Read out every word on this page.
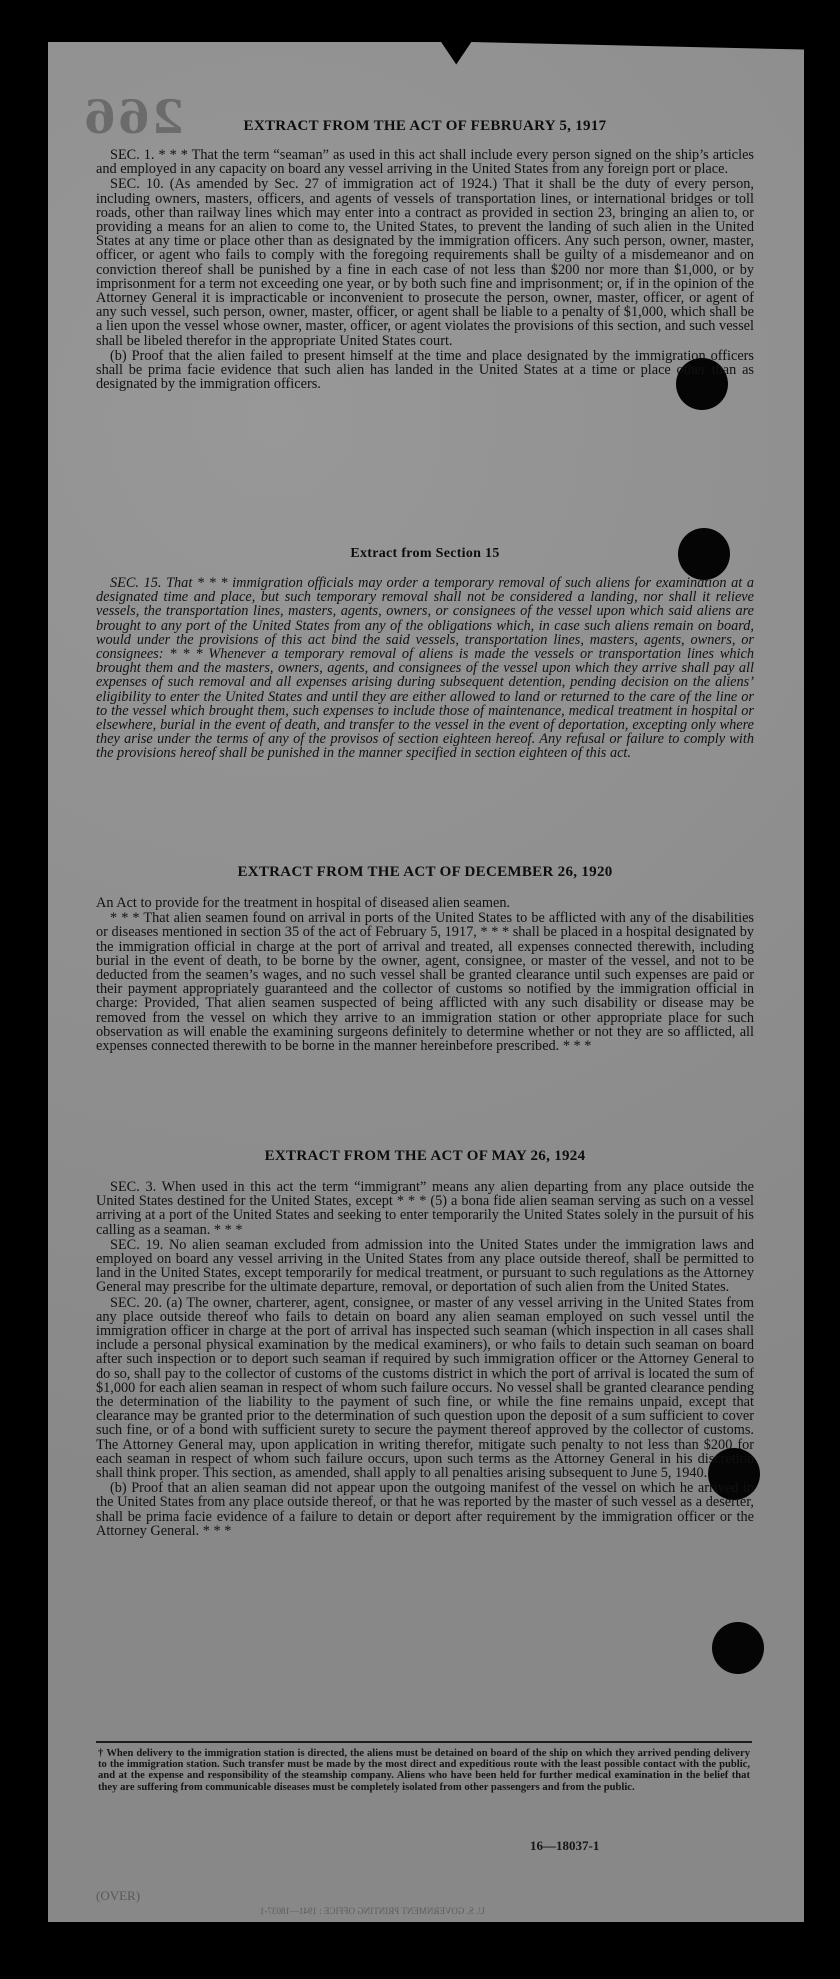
266	EXTRACT FROM THE ACT OF FEBRUARY 5, 1917

SEC. 1. * * * That the term “seaman” as used in this act shall include every person signed on the ship’s articles and employed in any capacity on board any vessel arriving in the United States from any foreign port or place.

SEC. 10. (As amended by Sec. 27 of immigration act of 1924.) That it shall be the duty of every person, including owners, masters, officers, and agents of vessels of transportation lines, or international bridges or toll roads, other than railway lines which may enter into a contract as provided in section 23, bringing an alien to, or providing a means for an alien to come to, the United States, to prevent the landing of such alien in the United States at any time or place other than as designated by the immigration officers. Any such person, owner, master, officer, or agent who fails to comply with the foregoing requirements shall be guilty of a misdemeanor and on conviction thereof shall be punished by a fine in each case of not less than $200 nor more than $1,000, or by imprisonment for a term not exceeding one year, or by both such fine and imprisonment; or, if in the opinion of the Attorney General it is impracticable or inconvenient to prosecute the person, owner, master, officer, or agent of any such vessel, such person, owner, master, officer, or agent shall be liable to a penalty of $1,000, which shall be a lien upon the vessel whose owner, master, officer, or agent violates the provisions of this section, and such vessel shall be libeled therefor in the appropriate United States court.

(b) Proof that the alien failed to present himself at the time and place designated by the immigration officers shall be prima facie evidence that such alien has landed in the United States at a time or place other than as designated by the immigration officers.

Extract from Section 15

SEC. 15. That * * * immigration officials may order a temporary removal of such aliens for examination at a designated time and place, but such temporary removal shall not be considered a landing, nor shall it relieve vessels, the transportation lines, masters, agents, owners, or consignees of the vessel upon which said aliens are brought to any port of the United States from any of the obligations which, in case such aliens remain on board, would under the provisions of this act bind the said vessels, transportation lines, masters, agents, owners, or consignees: * * * Whenever a temporary removal of aliens is made the vessels or transportation lines which brought them and the masters, owners, agents, and consignees of the vessel upon which they arrive shall pay all expenses of such removal and all expenses arising during subsequent detention, pending decision on the aliens’ eligibility to enter the United States and until they are either allowed to land or returned to the care of the line or to the vessel which brought them, such expenses to include those of maintenance, medical treatment in hospital or elsewhere, burial in the event of death, and transfer to the vessel in the event of deportation, excepting only where they arise under the terms of any of the provisos of section eighteen hereof. Any refusal or failure to comply with the provisions hereof shall be punished in the manner specified in section eighteen of this act.

EXTRACT FROM THE ACT OF DECEMBER 26, 1920

An Act to provide for the treatment in hospital of diseased alien seamen.

* * * That alien seamen found on arrival in ports of the United States to be afflicted with any of the disabilities or diseases mentioned in section 35 of the act of February 5, 1917, * * * shall be placed in a hospital designated by the immigration official in charge at the port of arrival and treated, all expenses connected therewith, including burial in the event of death, to be borne by the owner, agent, consignee, or master of the vessel, and not to be deducted from the seamen’s wages, and no such vessel shall be granted clearance until such expenses are paid or their payment appropriately guaranteed and the collector of customs so notified by the immigration official in charge: Provided, That alien seamen suspected of being afflicted with any such disability or disease may be removed from the vessel on which they arrive to an immigration station or other appropriate place for such observation as will enable the examining surgeons definitely to determine whether or not they are so afflicted, all expenses connected therewith to be borne in the manner hereinbefore prescribed. * * *

EXTRACT FROM THE ACT OF MAY 26, 1924

SEC. 3. When used in this act the term “immigrant” means any alien departing from any place outside the United States destined for the United States, except * * * (5) a bona fide alien seaman serving as such on a vessel arriving at a port of the United States and seeking to enter temporarily the United States solely in the pursuit of his calling as a seaman. * * *

SEC. 19. No alien seaman excluded from admission into the United States under the immigration laws and employed on board any vessel arriving in the United States from any place outside thereof, shall be permitted to land in the United States, except temporarily for medical treatment, or pursuant to such regulations as the Attorney General may prescribe for the ultimate departure, removal, or deportation of such alien from the United States.

SEC. 20. (a) The owner, charterer, agent, consignee, or master of any vessel arriving in the United States from any place outside thereof who fails to detain on board any alien seaman employed on such vessel until the immigration officer in charge at the port of arrival has inspected such seaman (which inspection in all cases shall include a personal physical examination by the medical examiners), or who fails to detain such seaman on board after such inspection or to deport such seaman if required by such immigration officer or the Attorney General to do so, shall pay to the collector of customs of the customs district in which the port of arrival is located the sum of $1,000 for each alien seaman in respect of whom such failure occurs. No vessel shall be granted clearance pending the determination of the liability to the payment of such fine, or while the fine remains unpaid, except that clearance may be granted prior to the determination of such question upon the deposit of a sum sufficient to cover such fine, or of a bond with sufficient surety to secure the payment thereof approved by the collector of customs. The Attorney General may, upon application in writing therefor, mitigate such penalty to not less than $200 for each seaman in respect of whom such failure occurs, upon such terms as the Attorney General in his discretion shall think proper. This section, as amended, shall apply to all penalties arising subsequent to June 5, 1940.

(b) Proof that an alien seaman did not appear upon the outgoing manifest of the vessel on which he arrived in the United States from any place outside thereof, or that he was reported by the master of such vessel as a deserter, shall be prima facie evidence of a failure to detain or deport after requirement by the immigration officer or the Attorney General. * * *

† When delivery to the immigration station is directed, the aliens must be detained on board of the ship on which they arrived pending delivery to the immigration station. Such transfer must be made by the most direct and expeditious route with the least possible contact with the public, and at the expense and responsibility of the steamship company. Aliens who have been held for further medical examination in the belief that they are suffering from communicable diseases must be completely isolated from other passengers and from the public.
16—18037-1
(OVER)
U. S. GOVERNMENT PRINTING OFFICE : 1941—18037-1
